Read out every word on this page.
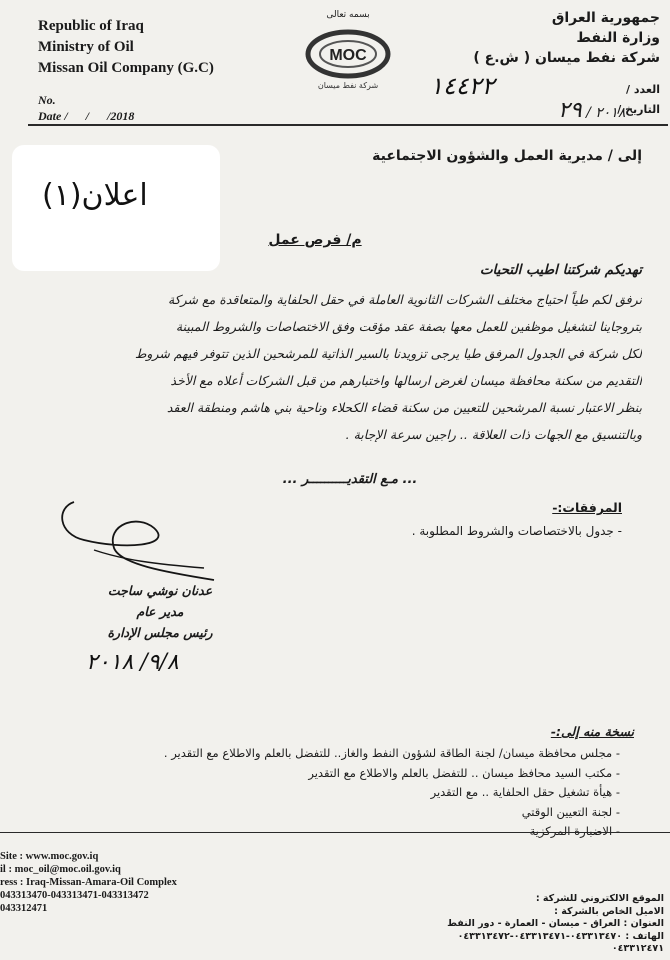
Republic of Iraq
Ministry of Oil
Missan Oil Company (G.C)
No.
Date /      /      /2018
بسمه تعالى
MOC
شركة نفط ميسان
جمهورية العراق
وزارة النفط
شركة نفط ميسان ( ش.ع )
العدد /
التاريخ /
١٤٤٢٢
٢٠١٨ / ٢٩
إلى / مديرية العمل والشؤون الاجتماعية
اعلان(١)
م/ فرص عمل
تهديكم شركتنا اطيب التحيات
نرفق لكم طياً احتياج مختلف الشركات الثانوية العاملة في حقل الحلفاية والمتعاقدة مع شركة
بتروجاينا لتشغيل موظفين للعمل معها بصفة عقد مؤقت وفق الاختصاصات والشروط المبينة
لكل شركة في الجدول المرفق طيا يرجى تزويدنا بالسير الذاتية للمرشحين الذين تتوفر فيهم شروط
التقديم من سكنة محافظة ميسان لغرض ارسالها واختبارهم من قبل الشركات أعلاه مع الأخذ
بنظر الاعتبار نسبة المرشحين للتعيين من سكنة قضاء الكحلاء وناحية بني هاشم ومنطقة العقد
وبالتنسيق مع الجهات ذات العلاقة .. راجين سرعة الإجابة .
... مـع التقديــــــــــر ...
المرفقات:-
- جدول بالاختصاصات والشروط المطلوبة .
عدنان نوشي ساجت
مدير عام
رئيس مجلس الإدارة
٩/٨/ ٢٠١٨
نسخة منه إلى:-
- مجلس محافظة ميسان/ لجنة الطاقة لشؤون النفط والغاز.. للتفضل بالعلم والاطلاع مع التقدير .
- مكتب السيد محافظ ميسان .. للتفضل بالعلم والاطلاع مع التقدير
- هيأة تشغيل حقل الحلفاية .. مع التقدير
- لجنة التعيين الوقتي
- الاضبارة المركزية
Site : www.moc.gov.iq
il : moc_oil@moc.oil.gov.iq
ress : Iraq-Missan-Amara-Oil Complex
043313470-043313471-043313472
043312471
الموقع الالكتروني للشركة :
الاميل الخاص بالشركة :
العنوان : العراق - ميسان - العمارة - دور النفط
الهاتف : ٠٤٣٣١٣٤٧٠-٠٤٣٣١٣٤٧١-٠٤٣٣١٣٤٧٢
٠٤٣٣١٢٤٧١
